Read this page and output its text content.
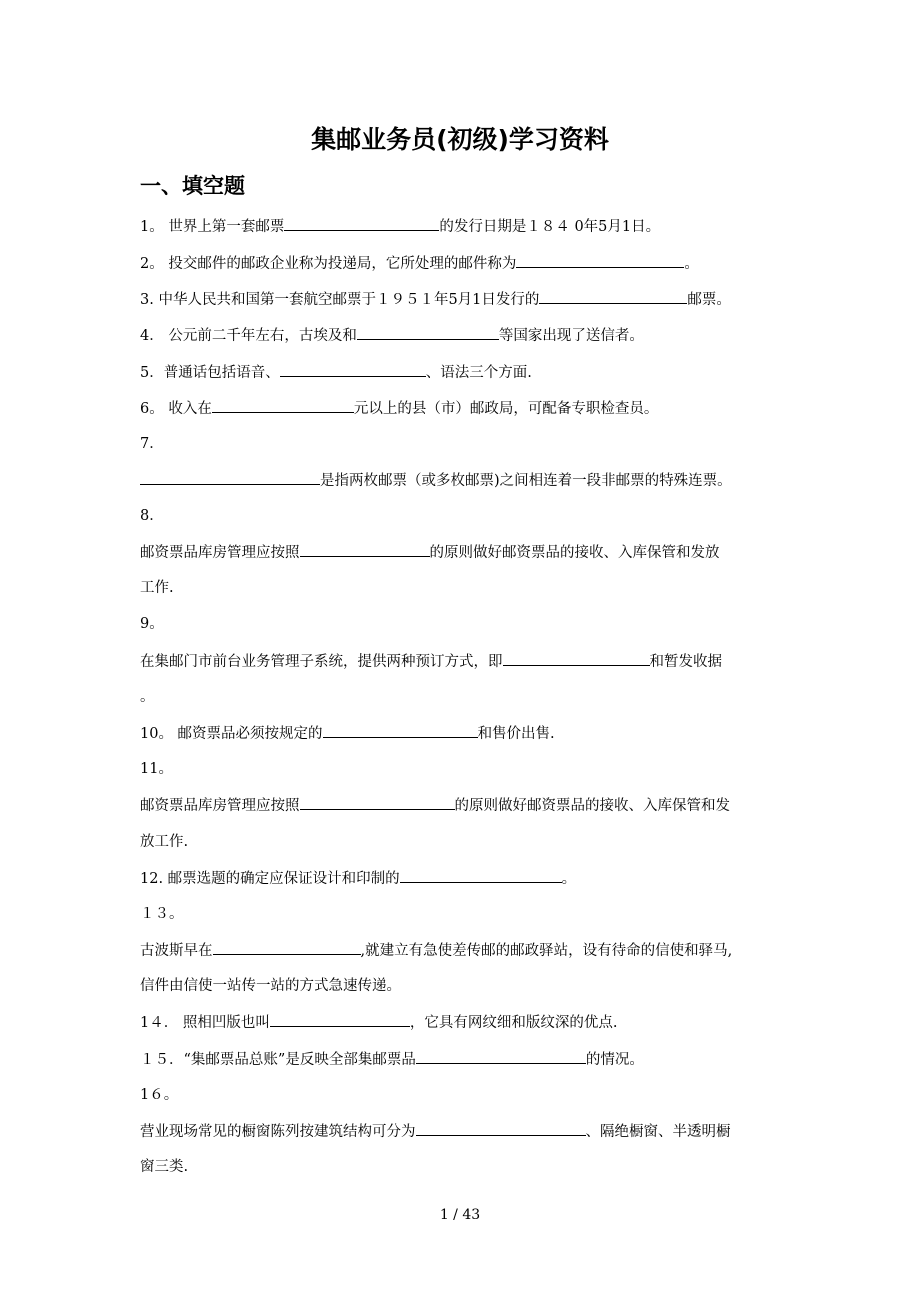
集邮业务员(初级)学习资料
一、填空题
1。 世界上第一套邮票	的发行日期是１８４ 0年5月1日。
2。 投交邮件的邮政企业称为投递局，它所处理的邮件称为	。
3. 中华人民共和国第一套航空邮票于１９５１年5月1日发行的	邮票。
4． 公元前二千年左右，古埃及和	等国家出现了送信者。
5．普通话包括语音、	、语法三个方面.
6。 收入在	元以上的县（市）邮政局，可配备专职检查员。
7．
是指两枚邮票（或多枚邮票)之间相连着一段非邮票的特殊连票。
8．
邮资票品库房管理应按照	的原则做好邮资票品的接收、入库保管和发放
工作.
9。
在集邮门市前台业务管理子系统，提供两种预订方式，即	和暂发收据
。
10。 邮资票品必须按规定的	和售价出售.
11。
邮资票品库房管理应按照	的原则做好邮资票品的接收、入库保管和发
放工作.
12. 邮票选题的确定应保证设计和印制的	。
１３。
古波斯早在	,就建立有急使差传邮的邮政驿站，设有待命的信使和驿马,
信件由信使一站传一站的方式急速传递。
1４． 照相凹版也叫	，它具有网纹细和版纹深的优点.
１５．“集邮票品总账”是反映全部集邮票品	的情况。
1６。
营业现场常见的橱窗陈列按建筑结构可分为	、隔绝橱窗、半透明橱
窗三类.
1 / 43
